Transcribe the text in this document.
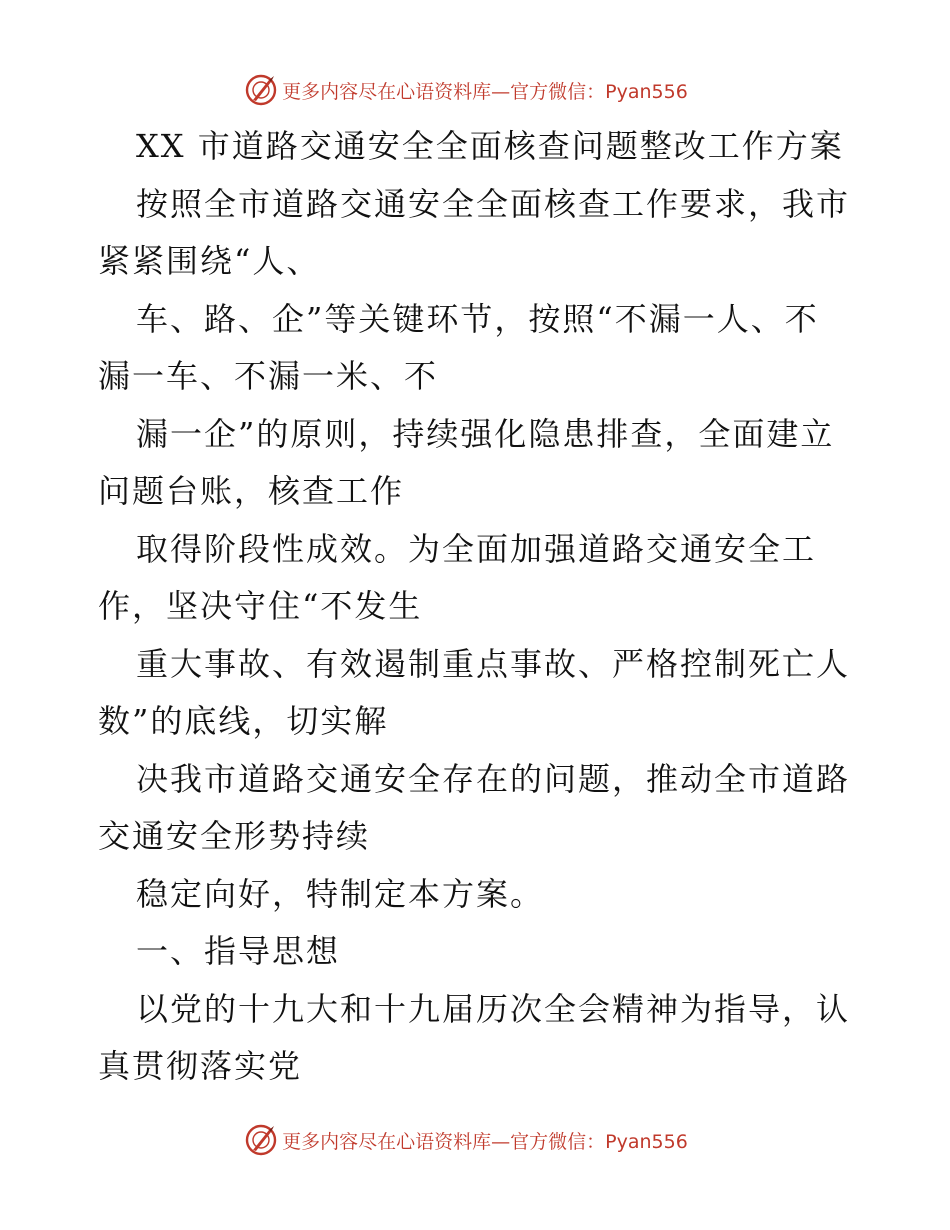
更多内容尽在心语资料库—官方微信：Pyan556
XX 市道路交通安全全面核查问题整改工作方案
按照全市道路交通安全全面核查工作要求，我市
紧紧围绕“人、
车、路、企”等关键环节，按照“不漏一人、不
漏一车、不漏一米、不
漏一企”的原则，持续强化隐患排查，全面建立
问题台账，核查工作
取得阶段性成效。为全面加强道路交通安全工
作，坚决守住“不发生
重大事故、有效遏制重点事故、严格控制死亡人
数”的底线，切实解
决我市道路交通安全存在的问题，推动全市道路
交通安全形势持续
稳定向好，特制定本方案。
一、指导思想
以党的十九大和十九届历次全会精神为指导，认
真贯彻落实党
更多内容尽在心语资料库—官方微信：Pyan556
